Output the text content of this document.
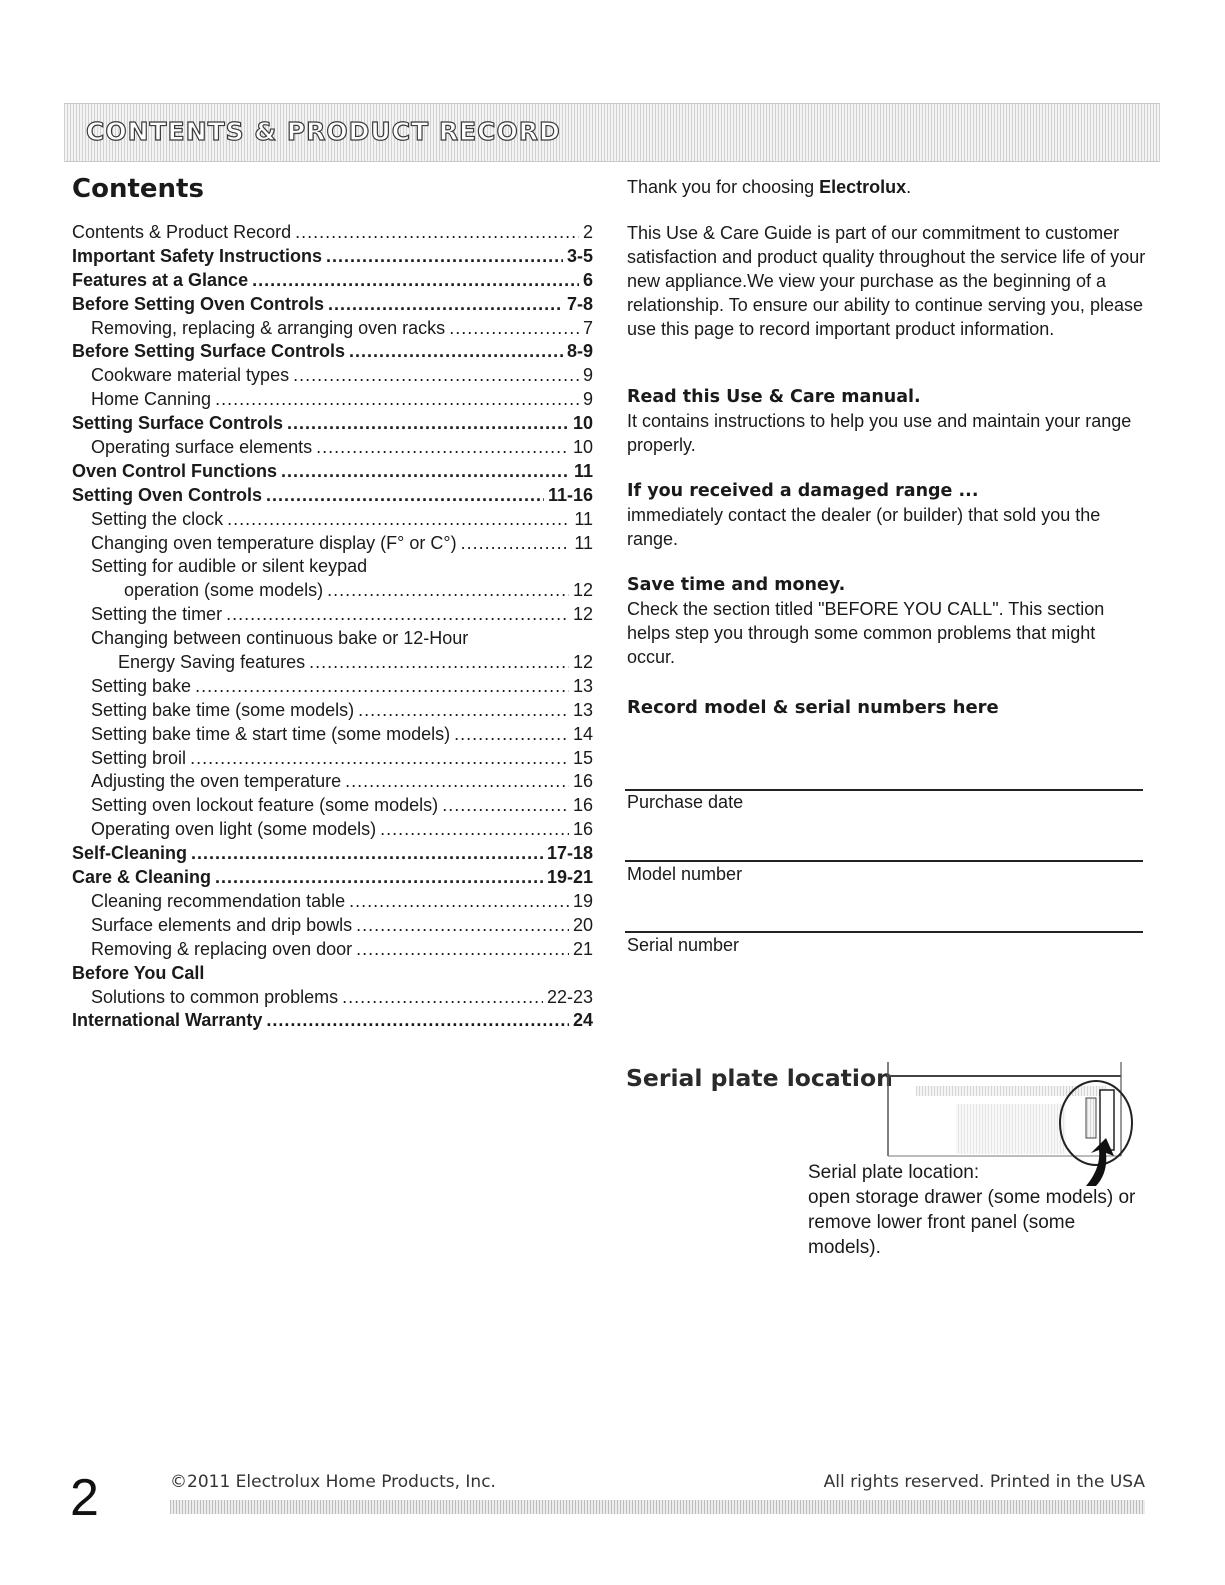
CONTENTS & PRODUCT RECORD
Contents
Contents & Product Record .....	2
Important Safety Instructions .....	3-5
Features at a Glance .....	6
Before Setting Oven Controls .....	7-8
Removing, replacing & arranging oven racks .....	7
Before Setting Surface Controls .....	8-9
Cookware material types .....	9
Home Canning .....	9
Setting Surface Controls .....	10
Operating surface elements .....	10
Oven Control Functions .....	11
Setting Oven Controls .....	11-16
Setting the clock .....	11
Changing oven temperature display (F° or C°) .....	11
Setting for audible or silent keypad
operation (some models) .....	12
Setting the timer .....	12
Changing between continuous bake or 12-Hour
Energy Saving features .....	12
Setting bake .....	13
Setting bake time (some models) .....	13
Setting bake time & start time (some models) .....	14
Setting broil .....	15
Adjusting the oven temperature .....	16
Setting oven lockout feature (some models) .....	16
Operating oven light (some models) .....	16
Self-Cleaning .....	17-18
Care & Cleaning .....	19-21
Cleaning recommendation table .....	19
Surface elements and drip bowls .....	20
Removing & replacing oven door .....	21
Before You Call
Solutions to common problems .....	22-23
International Warranty .....	24
Thank you for choosing Electrolux.
This Use & Care Guide is part of our commitment to customer satisfaction and product quality throughout the service life of your new appliance.We view your purchase as the beginning of a relationship. To ensure our ability to continue serving you, please use this page to record important product information.
Read this Use & Care manual.
It contains instructions to help you use and maintain your range properly.
If you received a damaged range ...
immediately contact the dealer (or builder) that sold you the range.
Save time and money.
Check the section titled "BEFORE YOU CALL". This section helps step you through some common problems that might occur.
Record model & serial numbers here
Purchase date
Model number
Serial number
Serial plate location
Serial plate location:
open storage drawer (some models) or
remove lower front panel (some models).
2	©2011 Electrolux Home Products, Inc.	All rights reserved. Printed in the USA
